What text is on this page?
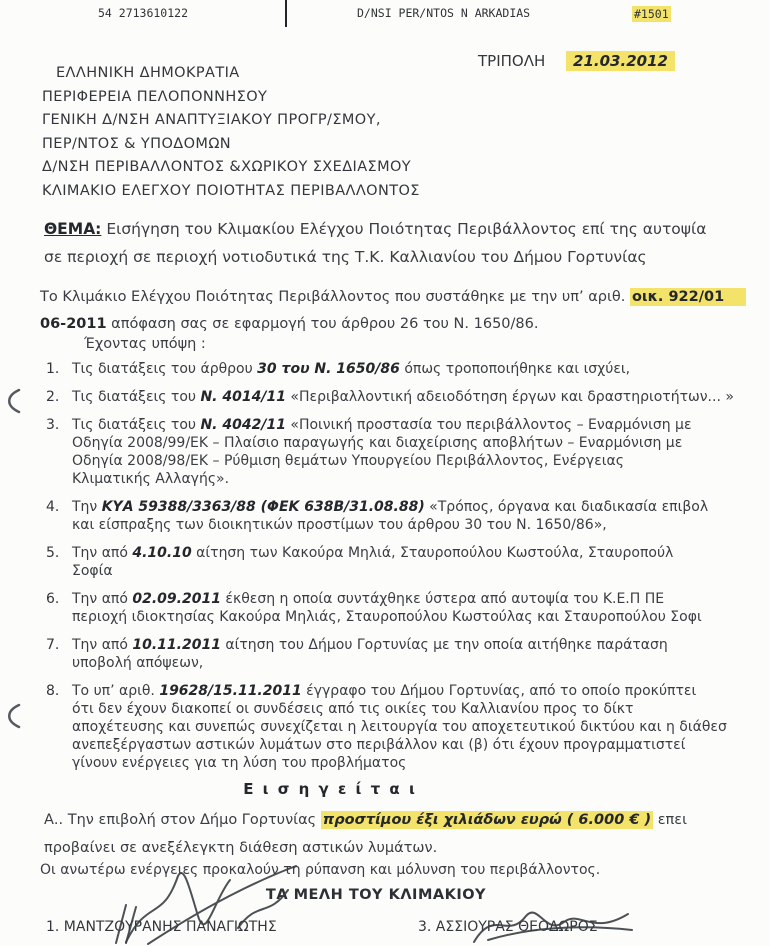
54 2713610122	D/NSI PER/NTOS N ARKADIAS	#1501
ΕΛΛΗΝΙΚΗ ΔΗΜΟΚΡΑΤΙΑ
ΠΕΡΙΦΕΡΕΙΑ ΠΕΛΟΠΟΝΝΗΣΟΥ
ΓΕΝΙΚΗ Δ/ΝΣΗ ΑΝΑΠΤΥΞΙΑΚΟΥ ΠΡΟΓΡ/ΣΜΟΥ,
ΠΕΡ/ΝΤΟΣ & ΥΠΟΔΟΜΩΝ
Δ/ΝΣΗ ΠΕΡΙΒΑΛΛΟΝΤΟΣ &ΧΩΡΙΚΟΥ ΣΧΕΔΙΑΣΜΟΥ
ΚΛΙΜΑΚΙΟ ΕΛΕΓΧΟΥ ΠΟΙΟΤΗΤΑΣ ΠΕΡΙΒΑΛΛΟΝΤΟΣ
ΤΡΙΠΟΛΗ 21.03.2012
ΘΕΜΑ: Εισήγηση του Κλιμακίου Ελέγχου Ποιότητας Περιβάλλοντος επί της αυτοψία
σε περιοχή σε περιοχή νοτιοδυτικά της Τ.Κ. Καλλιανίου του Δήμου Γορτυνίας
Το Κλιμάκιο Ελέγχου Ποιότητας Περιβάλλοντος που συστάθηκε με την υπ’ αριθ. οικ. 922/01
06-2011 απόφαση σας σε εφαρμογή του άρθρου 26 του Ν. 1650/86.
Έχοντας υπόψη :
1. Τις διατάξεις του άρθρου 30 του Ν. 1650/86 όπως τροποποιήθηκε και ισχύει,
2. Τις διατάξεις του Ν. 4014/11 «Περιβαλλοντική αδειοδότηση έργων και δραστηριοτήτων... »
3. Τις διατάξεις του Ν. 4042/11 «Ποινική προστασία του περιβάλλοντος – Εναρμόνιση με
Οδηγία 2008/99/ΕΚ – Πλαίσιο παραγωγής και διαχείρισης αποβλήτων – Εναρμόνιση με
Οδηγία 2008/98/ΕΚ – Ρύθμιση θεμάτων Υπουργείου Περιβάλλοντος, Ενέργειας
Κλιματικής Αλλαγής».
4. Την ΚΥΑ 59388/3363/88 (ΦΕΚ 638Β/31.08.88) «Τρόπος, όργανα και διαδικασία επιβολ
και είσπραξης των διοικητικών προστίμων του άρθρου 30 του Ν. 1650/86»,
5. Την από 4.10.10 αίτηση των Κακούρα Μηλιά, Σταυροπούλου Κωστούλα, Σταυροπούλ
Σοφία
6. Την από 02.09.2011 έκθεση η οποία συντάχθηκε ύστερα από αυτοψία του Κ.Ε.Π ΠΕ
περιοχή ιδιοκτησίας Κακούρα Μηλιάς, Σταυροπούλου Κωστούλας και Σταυροπούλου Σοφι
7. Την από 10.11.2011 αίτηση του Δήμου Γορτυνίας με την οποία αιτήθηκε παράταση
υποβολή απόψεων,
8. Το υπ’ αριθ. 19628/15.11.2011 έγγραφο του Δήμου Γορτυνίας, από το οποίο προκύπτει
ότι δεν έχουν διακοπεί οι συνδέσεις από τις οικίες του Καλλιανίου προς το δίκτ
αποχέτευσης και συνεπώς συνεχίζεται η λειτουργία του αποχετευτικού δικτύου και η διάθεσ
ανεπεξέργαστων αστικών λυμάτων στο περιβάλλον και (β) ότι έχουν προγραμματιστεί
γίνουν ενέργειες για τη λύση του προβλήματος
Ε ι σ η γ ε ί τ α ι
Α.. Την επιβολή στον Δήμο Γορτυνίας προστίμου έξι χιλιάδων ευρώ ( 6.000 € ) επει
προβαίνει σε ανεξέλεγκτη διάθεση αστικών λυμάτων.
Οι ανωτέρω ενέργειες προκαλούν τη ρύπανση και μόλυνση του περιβάλλοντος.
ΤΑ ΜΕΛΗ ΤΟΥ ΚΛΙΜΑΚΙΟΥ
1. ΜΑΝΤΖΟΥΡΑΝΗΣ ΠΑΝΑΓΙΩΤΗΣ	3. ΑΣΣΙΟΥΡΑΣ ΘΕΟΔΩΡΟΣ
